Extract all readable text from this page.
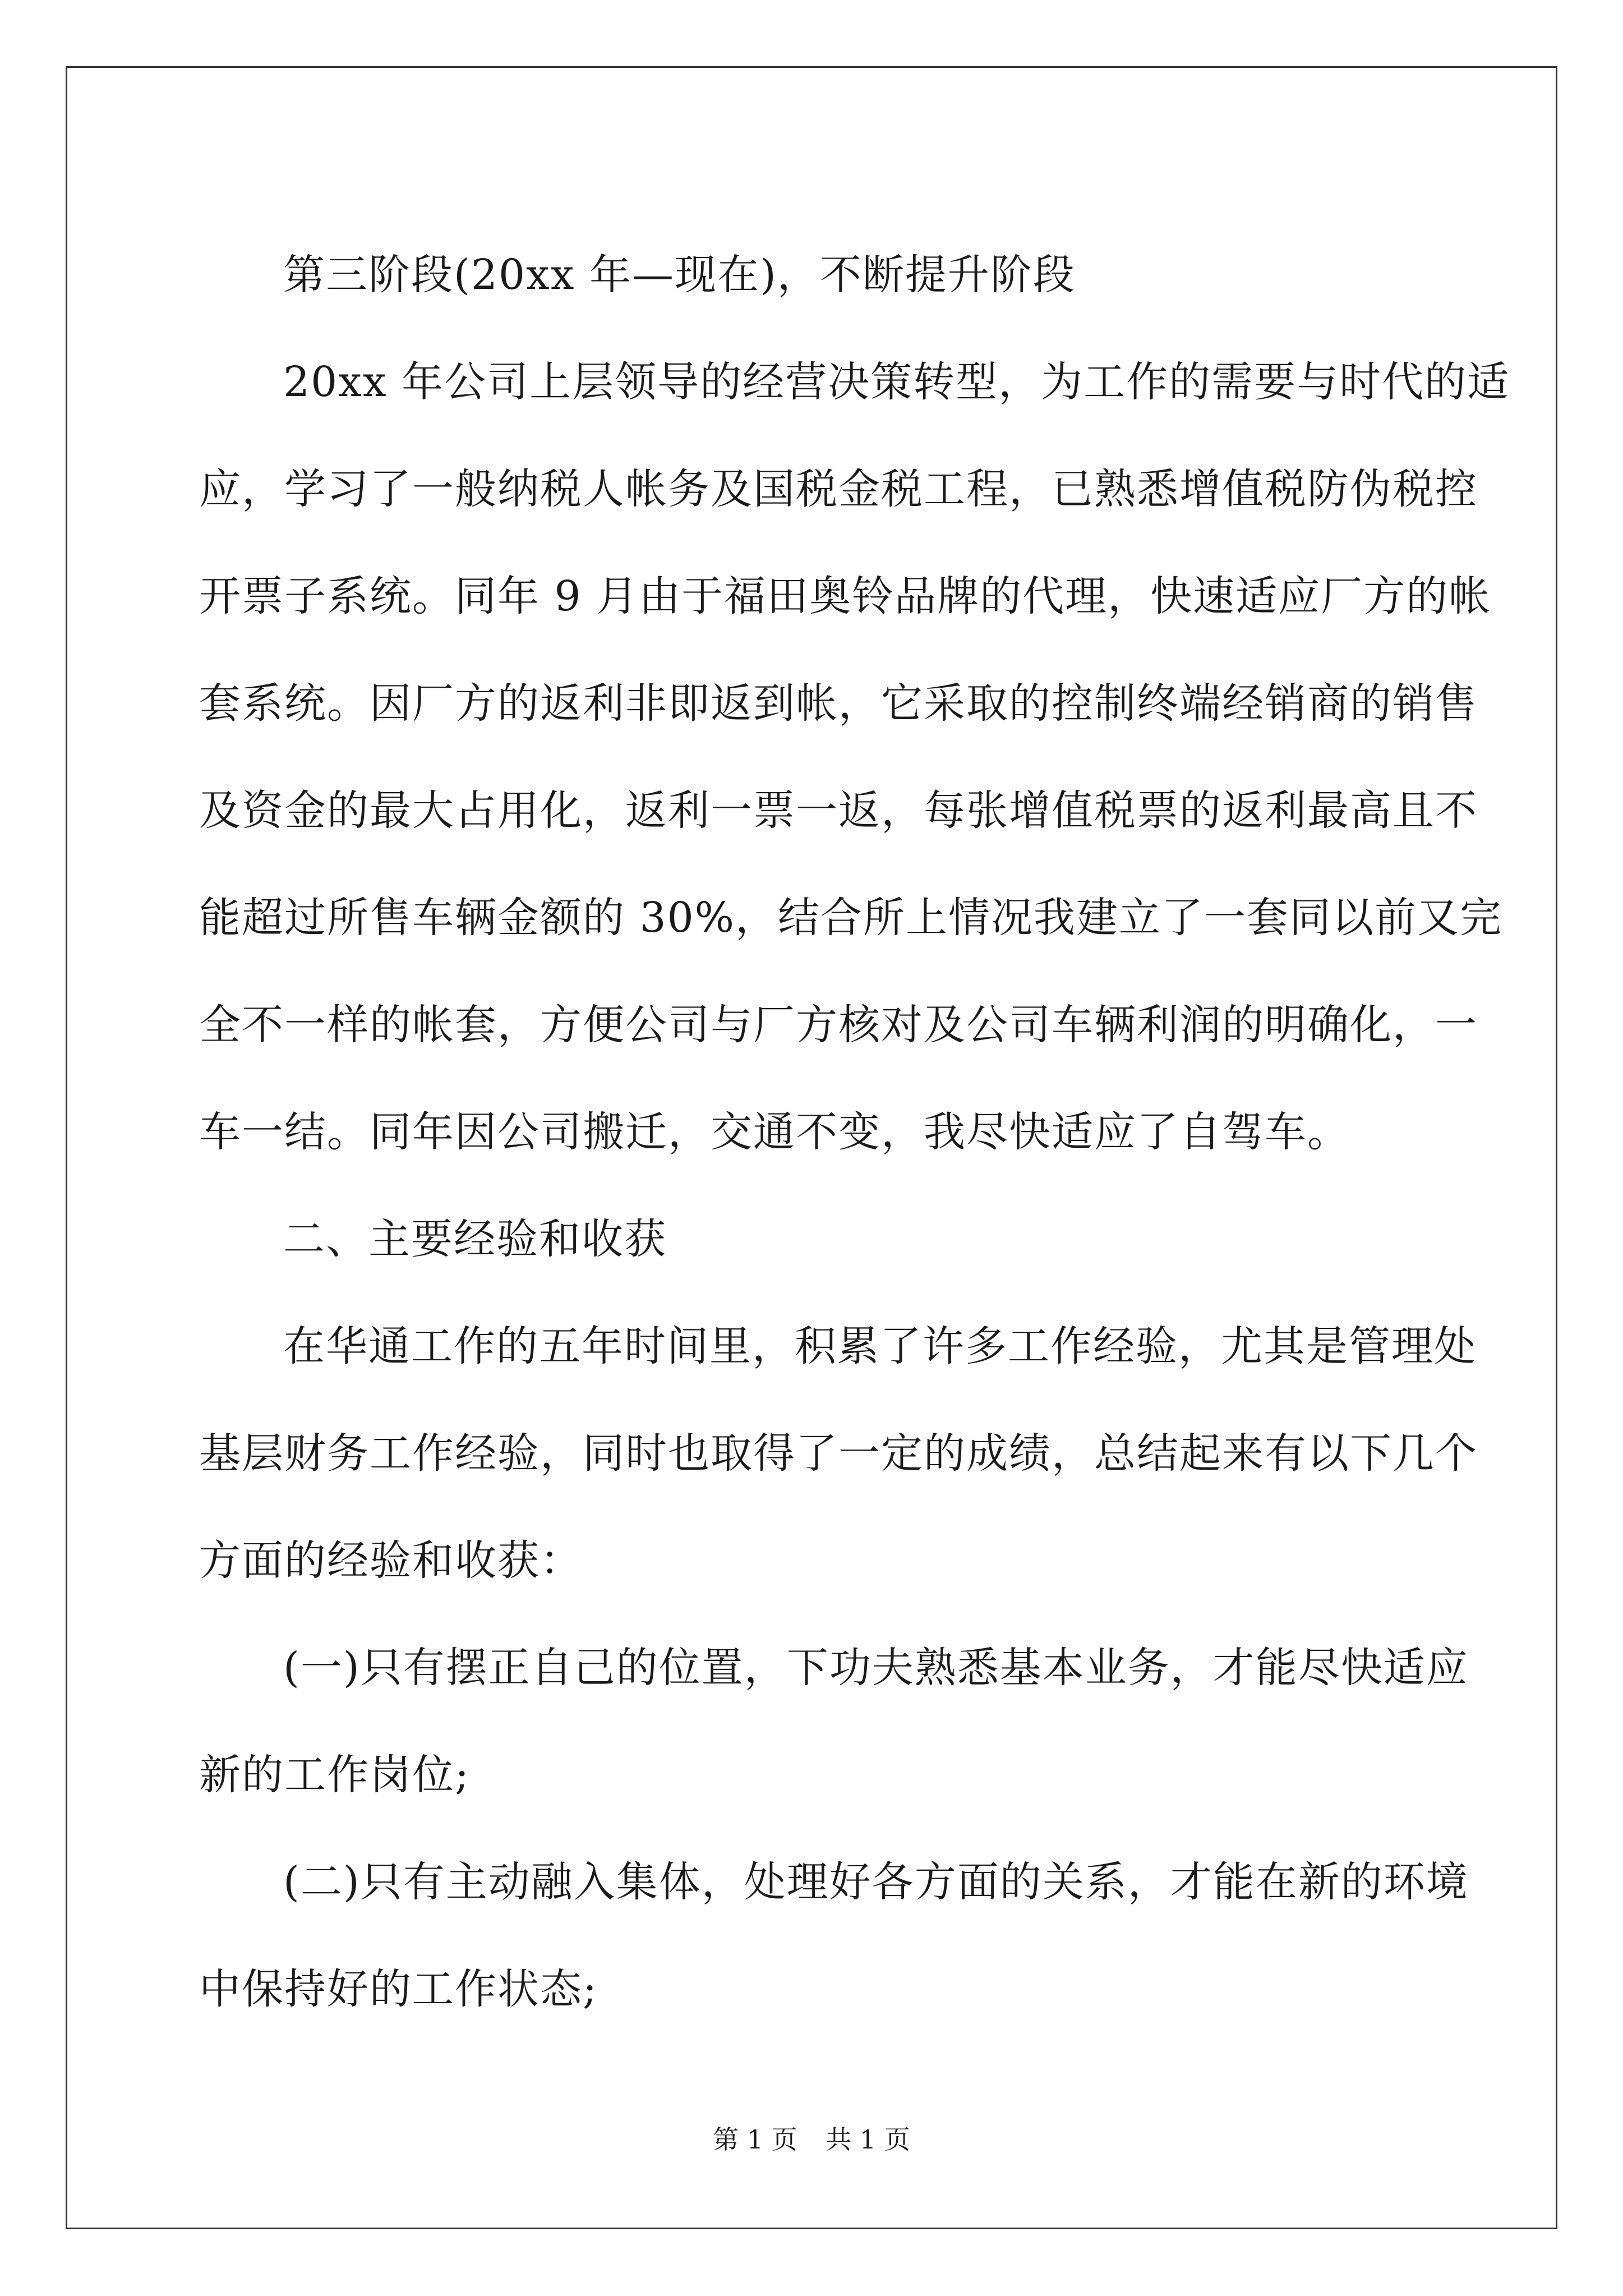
第三阶段(20xx 年—现在)，不断提升阶段

20xx 年公司上层领导的经营决策转型，为工作的需要与时代的适
应，学习了一般纳税人帐务及国税金税工程，已熟悉增值税防伪税控
开票子系统。同年 9 月由于福田奥铃品牌的代理，快速适应厂方的帐
套系统。因厂方的返利非即返到帐，它采取的控制终端经销商的销售
及资金的最大占用化，返利一票一返，每张增值税票的返利最高且不
能超过所售车辆金额的 30%，结合所上情况我建立了一套同以前又完
全不一样的帐套，方便公司与厂方核对及公司车辆利润的明确化，一
车一结。同年因公司搬迁，交通不变，我尽快适应了自驾车。

二、主要经验和收获

在华通工作的五年时间里，积累了许多工作经验，尤其是管理处
基层财务工作经验，同时也取得了一定的成绩，总结起来有以下几个
方面的经验和收获：

(一)只有摆正自己的位置，下功夫熟悉基本业务，才能尽快适应
新的工作岗位;

(二)只有主动融入集体，处理好各方面的关系，才能在新的环境
中保持好的工作状态;

第 1 页 共 1 页
